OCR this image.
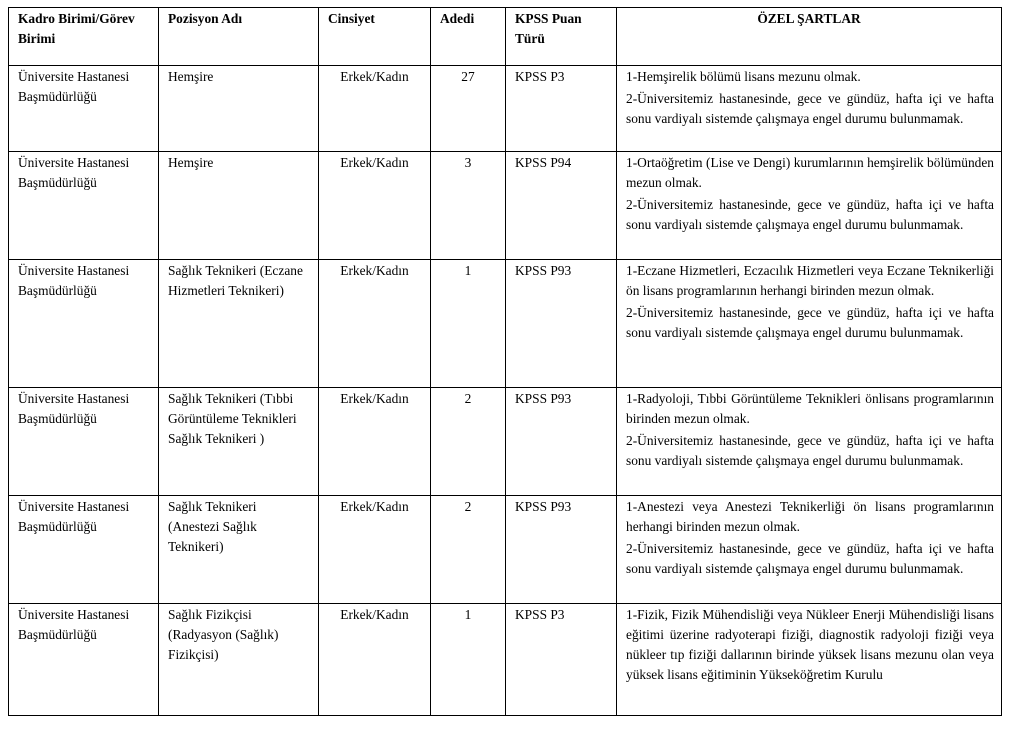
Kadro Birimi/Görev Birimi	Pozisyon Adı	Cinsiyet	Adedi	KPSS Puan Türü	ÖZEL ŞARTLAR
Üniversite Hastanesi Başmüdürlüğü	Hemşire	Erkek/Kadın	27	KPSS P3	1-Hemşirelik bölümü lisans mezunu olmak.

2-Üniversitemiz hastanesinde, gece ve gündüz, hafta içi ve hafta sonu vardiyalı sistemde çalışmaya engel durumu bulunmamak.

Üniversite Hastanesi Başmüdürlüğü	Hemşire	Erkek/Kadın	3	KPSS P94	1-Ortaöğretim (Lise ve Dengi) kurumlarının hemşirelik bölümünden mezun olmak.

2-Üniversitemiz hastanesinde, gece ve gündüz, hafta içi ve hafta sonu vardiyalı sistemde çalışmaya engel durumu bulunmamak.

Üniversite Hastanesi Başmüdürlüğü	Sağlık Teknikeri (Eczane Hizmetleri Teknikeri)	Erkek/Kadın	1	KPSS P93	1-Eczane Hizmetleri, Eczacılık Hizmetleri veya Eczane Teknikerliği ön lisans programlarının herhangi birinden mezun olmak.

2-Üniversitemiz hastanesinde, gece ve gündüz, hafta içi ve hafta sonu vardiyalı sistemde çalışmaya engel durumu bulunmamak.

Üniversite Hastanesi Başmüdürlüğü	Sağlık Teknikeri (Tıbbi Görüntüleme Teknikleri Sağlık Teknikeri )	Erkek/Kadın	2	KPSS P93	1-Radyoloji, Tıbbi Görüntüleme Teknikleri önlisans programlarının birinden mezun olmak.

2-Üniversitemiz hastanesinde, gece ve gündüz, hafta içi ve hafta sonu vardiyalı sistemde çalışmaya engel durumu bulunmamak.

Üniversite Hastanesi Başmüdürlüğü	Sağlık Teknikeri (Anestezi Sağlık Teknikeri)	Erkek/Kadın	2	KPSS P93	1-Anestezi veya Anestezi Teknikerliği ön lisans programlarının herhangi birinden mezun olmak.

2-Üniversitemiz hastanesinde, gece ve gündüz, hafta içi ve hafta sonu vardiyalı sistemde çalışmaya engel durumu bulunmamak.

Üniversite Hastanesi Başmüdürlüğü	Sağlık Fizikçisi (Radyasyon (Sağlık) Fizikçisi)	Erkek/Kadın	1	KPSS P3	1-Fizik, Fizik Mühendisliği veya Nükleer Enerji Mühendisliği lisans eğitimi üzerine radyoterapi fiziği, diagnostik radyoloji fiziği veya nükleer tıp fiziği dallarının birinde yüksek lisans mezunu olan veya yüksek lisans eğitiminin Yükseköğretim Kurulu
